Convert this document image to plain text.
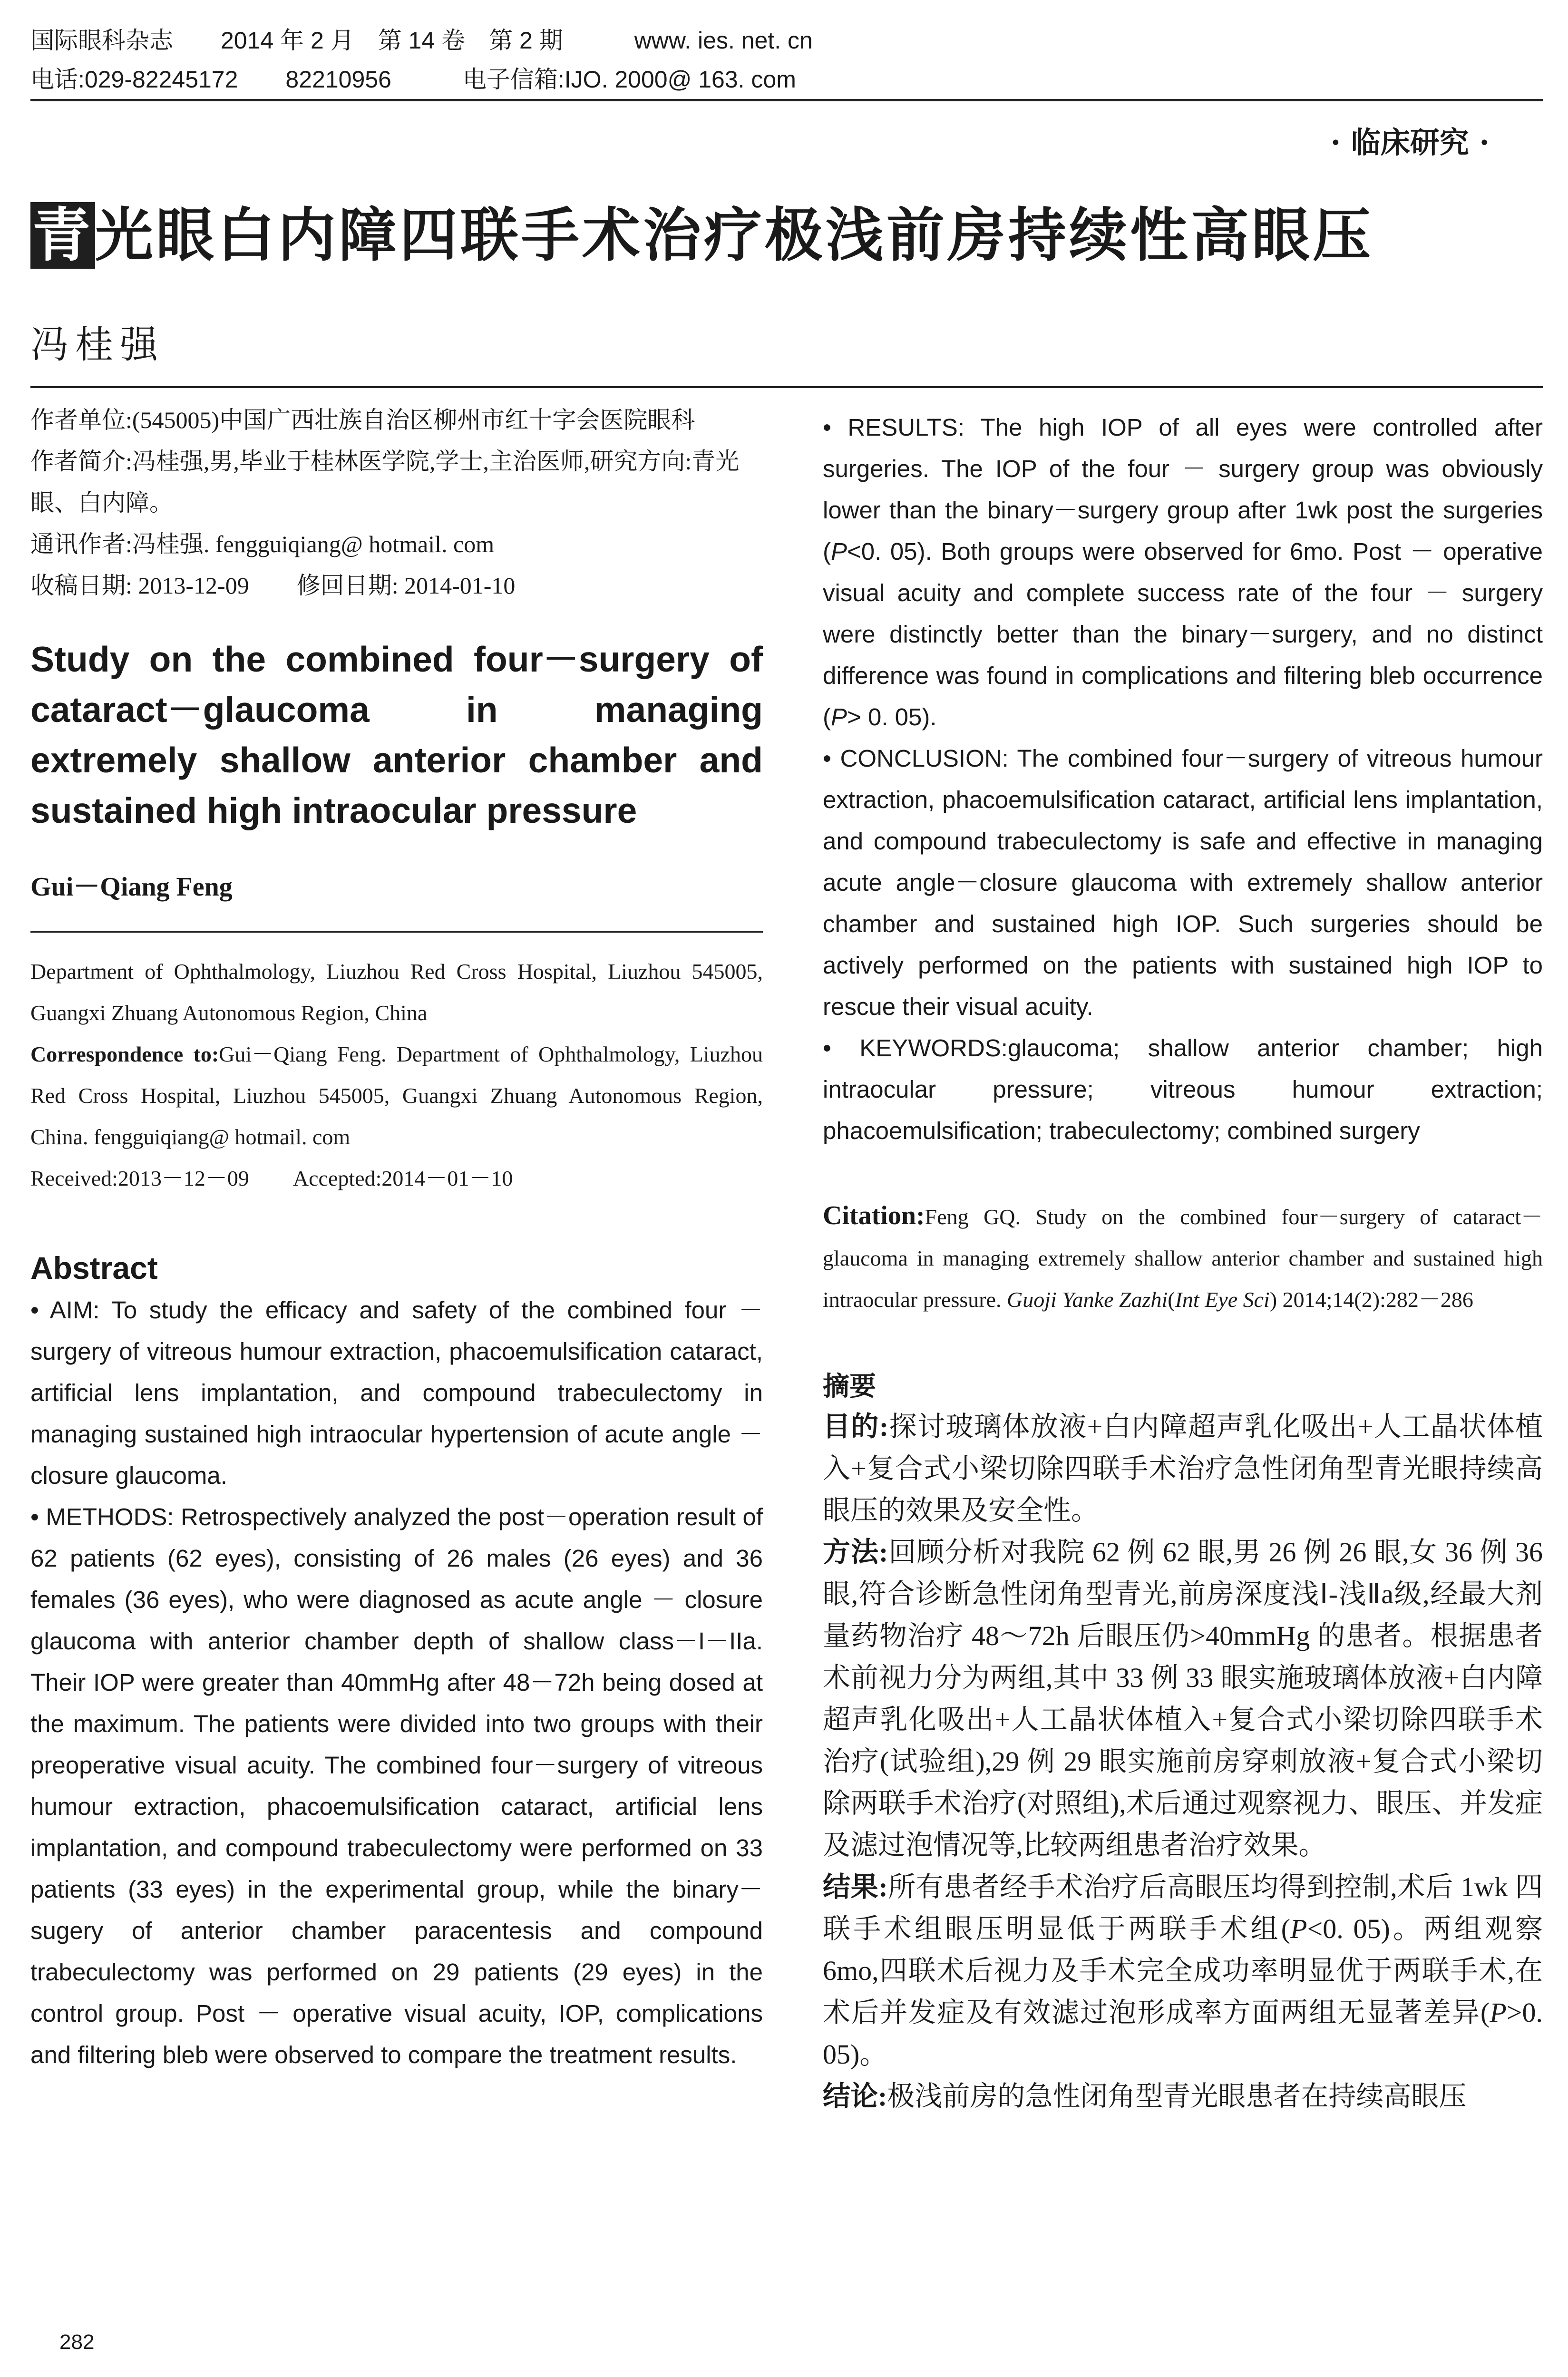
国际眼科杂志　　 2014 年 2 月　第 14 卷　第 2 期　　　	www. ies. net. cn
电话:029-82245172　　82210956　　　	电子信箱:IJO. 2000@ 163. com
· 临床研究 ·
青光眼白内障四联手术治疗极浅前房持续性高眼压
冯桂强
作者单位:(545005)中国广西壮族自治区柳州市红十字会医院眼科
作者简介:冯桂强,男,毕业于桂林医学院,学士,主治医师,研究方向:青光眼、白内障。
通讯作者:冯桂强. fengguiqiang@ hotmail. com
收稿日期: 2013-12-09　　修回日期: 2014-01-10
Study on the combined four－surgery of cataract－glaucoma in managing extremely shallow anterior chamber and sustained high intraocular pressure
Gui－Qiang Feng
Department of Ophthalmology, Liuzhou Red Cross Hospital, Liuzhou 545005, Guangxi Zhuang Autonomous Region, China
Correspondence to:Gui－Qiang Feng. Department of Ophthalmology, Liuzhou Red Cross Hospital, Liuzhou 545005, Guangxi Zhuang Autonomous Region, China. fengguiqiang@ hotmail. com
Received:2013－12－09　　Accepted:2014－01－10
Abstract
• AIM: To study the efficacy and safety of the combined four － surgery of vitreous humour extraction, phacoemulsification cataract, artificial lens implantation, and compound trabeculectomy in managing sustained high intraocular hypertension of acute angle － closure glaucoma.
• METHODS: Retrospectively analyzed the post－operation result of 62 patients (62 eyes), consisting of 26 males (26 eyes) and 36 females (36 eyes), who were diagnosed as acute angle － closure glaucoma with anterior chamber depth of shallow class－I－IIa. Their IOP were greater than 40mmHg after 48－72h being dosed at the maximum. The patients were divided into two groups with their preoperative visual acuity. The combined four－surgery of vitreous humour extraction, phacoemulsification cataract, artificial lens implantation, and compound trabeculectomy were performed on 33 patients (33 eyes) in the experimental group, while the binary－sugery of anterior chamber paracentesis and compound trabeculectomy was performed on 29 patients (29 eyes) in the control group. Post － operative visual acuity, IOP, complications and filtering bleb were observed to compare the treatment results.
• RESULTS: The high IOP of all eyes were controlled after surgeries. The IOP of the four － surgery group was obviously lower than the binary－surgery group after 1wk post the surgeries (P<0. 05). Both groups were observed for 6mo. Post － operative visual acuity and complete success rate of the four － surgery were distinctly better than the binary－surgery, and no distinct difference was found in complications and filtering bleb occurrence (P> 0. 05).
• CONCLUSION: The combined four－surgery of vitreous humour extraction, phacoemulsification cataract, artificial lens implantation, and compound trabeculectomy is safe and effective in managing acute angle－closure glaucoma with extremely shallow anterior chamber and sustained high IOP. Such surgeries should be actively performed on the patients with sustained high IOP to rescue their visual acuity.
• KEYWORDS:glaucoma; shallow anterior chamber; high intraocular pressure; vitreous humour extraction; phacoemulsification; trabeculectomy; combined surgery
Citation:Feng GQ. Study on the combined four－surgery of cataract－glaucoma in managing extremely shallow anterior chamber and sustained high intraocular pressure. Guoji Yanke Zazhi(Int Eye Sci) 2014;14(2):282－286
摘要
目的:探讨玻璃体放液+白内障超声乳化吸出+人工晶状体植入+复合式小梁切除四联手术治疗急性闭角型青光眼持续高眼压的效果及安全性。
方法:回顾分析对我院 62 例 62 眼,男 26 例 26 眼,女 36 例 36 眼,符合诊断急性闭角型青光,前房深度浅Ⅰ-浅Ⅱa级,经最大剂量药物治疗 48～72h 后眼压仍>40mmHg 的患者。根据患者术前视力分为两组,其中 33 例 33 眼实施玻璃体放液+白内障超声乳化吸出+人工晶状体植入+复合式小梁切除四联手术治疗(试验组),29 例 29 眼实施前房穿刺放液+复合式小梁切除两联手术治疗(对照组),术后通过观察视力、眼压、并发症及滤过泡情况等,比较两组患者治疗效果。
结果:所有患者经手术治疗后高眼压均得到控制,术后 1wk 四联手术组眼压明显低于两联手术组(P<0. 05)。两组观察 6mo,四联术后视力及手术完全成功率明显优于两联手术,在术后并发症及有效滤过泡形成率方面两组无显著差异(P>0. 05)。
结论:极浅前房的急性闭角型青光眼患者在持续高眼压
282
